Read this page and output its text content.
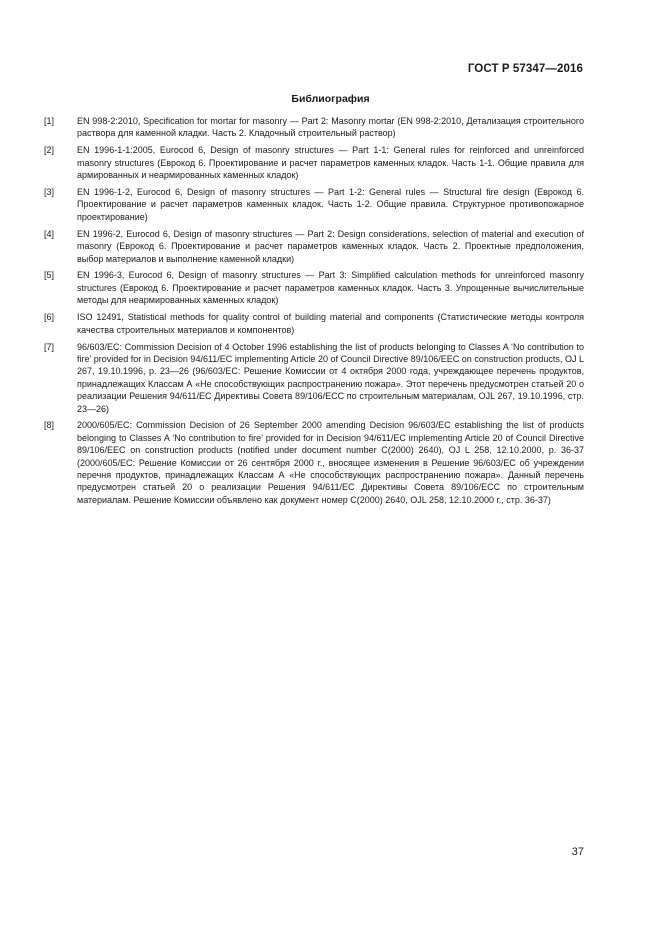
ГОСТ Р 57347—2016
Библиография
[1]	EN 998-2:2010, Specification for mortar for masonry — Part 2: Masonry mortar (EN 998-2:2010, Детализация строительного раствора для каменной кладки. Часть 2. Кладочный строительный раствор)
[2]	EN 1996-1-1:2005, Eurocod 6, Design of masonry structures — Part 1-1: General rules for reinforced and unreinforced masonry structures (Еврокод 6. Проектирование и расчет параметров каменных кладок. Часть 1-1. Общие правила для армированных и неармированных каменных кладок)
[3]	EN 1996-1-2, Eurocod 6, Design of masonry structures — Part 1-2: General rules — Structural fire design (Еврокод 6. Проектирование и расчет параметров каменных кладок. Часть 1-2. Общие правила. Структурное противопожарное проектирование)
[4]	EN 1996-2, Eurocod 6, Design of masonry structures — Part 2: Design considerations, selection of material and execution of masonry (Еврокод 6. Проектирование и расчет параметров каменных кладок. Часть 2. Проектные предположения, выбор материалов и выполнение каменной кладки)
[5]	EN 1996-3, Eurocod 6, Design of masonry structures — Part 3: Simplified calculation methods for unreinforced masonry structures (Еврокод 6. Проектирование и расчет параметров каменных кладок. Часть 3. Упрощенные вычислительные методы для неармированных каменных кладок)
[6]	ISO 12491, Statistical methods for quality control of building material and components (Статистические методы контроля качества строительных материалов и компонентов)
[7]	96/603/EC: Commission Decision of 4 October 1996 establishing the list of products belonging to Classes A ‘No contribution to fire’ provided for in Decision 94/611/EC implementing Article 20 of Council Directive 89/106/EEC on construction products, OJ L 267, 19.10.1996, p. 23—26 (96/603/EC: Решение Комиссии от 4 октября 2000 года, учреждающее перечень продуктов, принадлежащих Классам А «Не способствующих распространению пожара». Этот перечень предусмотрен статьей 20 о реализации Решения 94/611/ЕС Директивы Совета 89/106/ЕСС по строительным материалам, OJL 267, 19.10.1996, стр. 23—26)
[8]	2000/605/EC: Commission Decision of 26 September 2000 amending Decision 96/603/EC establishing the list of products belonging to Classes A ‘No contribution to fire’ provided for in Decision 94/611/EC implementing Article 20 of Council Directive 89/106/EEC on construction products (notified under document number C(2000) 2640), OJ L 258, 12.10.2000, p. 36-37 (2000/605/EC: Решение Комиссии от 26 сентября 2000 г., вносящее изменения в Решение 96/603/EC об учреждении перечня продуктов, принадлежащих Классам А «Не способствующих распространению пожара». Данный перечень предусмотрен статьей 20 о реализации Решения 94/611/ЕС Директивы Совета 89/106/ЕСС по строительным материалам. Решение Комиссии объявлено как документ номер С(2000) 2640, OJL 258, 12.10.2000 г., стр. 36-37)
37
